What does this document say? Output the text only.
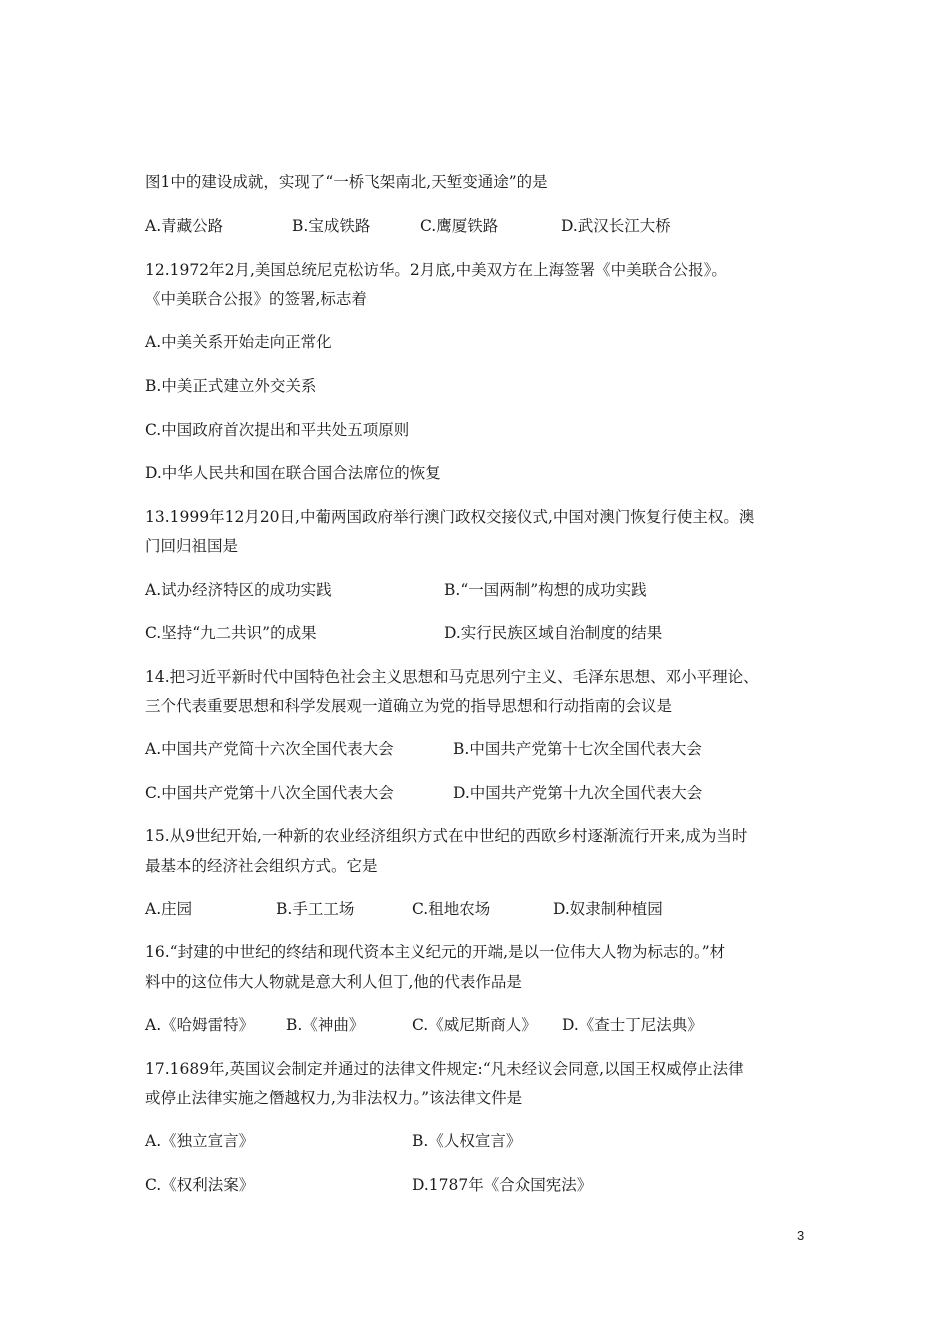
图1中的建设成就，实现了“一桥飞架南北,天堑变通途”的是
A.青藏公路	B.宝成铁路	C.鹰厦铁路	D.武汉长江大桥
12.1972年2月,美国总统尼克松访华。2月底,中美双方在上海签署《中美联合公报》。
《中美联合公报》的签署,标志着
A.中美关系开始走向正常化
B.中美正式建立外交关系
C.中国政府首次提出和平共处五项原则
D.中华人民共和国在联合国合法席位的恢复
13.1999年12月20日,中葡两国政府举行澳门政权交接仪式,中国对澳门恢复行使主权。澳
门回归祖国是
A.试办经济特区的成功实践	B.“一国两制”构想的成功实践
C.坚持“九二共识”的成果	D.实行民族区域自治制度的结果
14.把习近平新时代中国特色社会主义思想和马克思列宁主义、毛泽东思想、邓小平理论、
三个代表重要思想和科学发展观一道确立为党的指导思想和行动指南的会议是
A.中国共产党简十六次全国代表大会	B.中国共产党第十七次全国代表大会
C.中国共产党第十八次全国代表大会	D.中国共产党第十九次全国代表大会
15.从9世纪开始,一种新的农业经济组织方式在中世纪的西欧乡村逐渐流行开来,成为当时
最基本的经济社会组织方式。它是
A.庄园	B.手工工场	C.租地农场	D.奴隶制种植园
16.“封建的中世纪的终结和现代资本主义纪元的开端,是以一位伟大人物为标志的。”材
料中的这位伟大人物就是意大利人但丁,他的代表作品是
A.《哈姆雷特》 B.《神曲》	C.《威尼斯商人》 D.《查士丁尼法典》
17.1689年,英国议会制定并通过的法律文件规定:“凡未经议会同意,以国王权威停止法律
或停止法律实施之僭越权力,为非法权力。”该法律文件是
A.《独立宣言》	B.《人权宣言》
C.《权利法案》	D.1787年《合众国宪法》
3
